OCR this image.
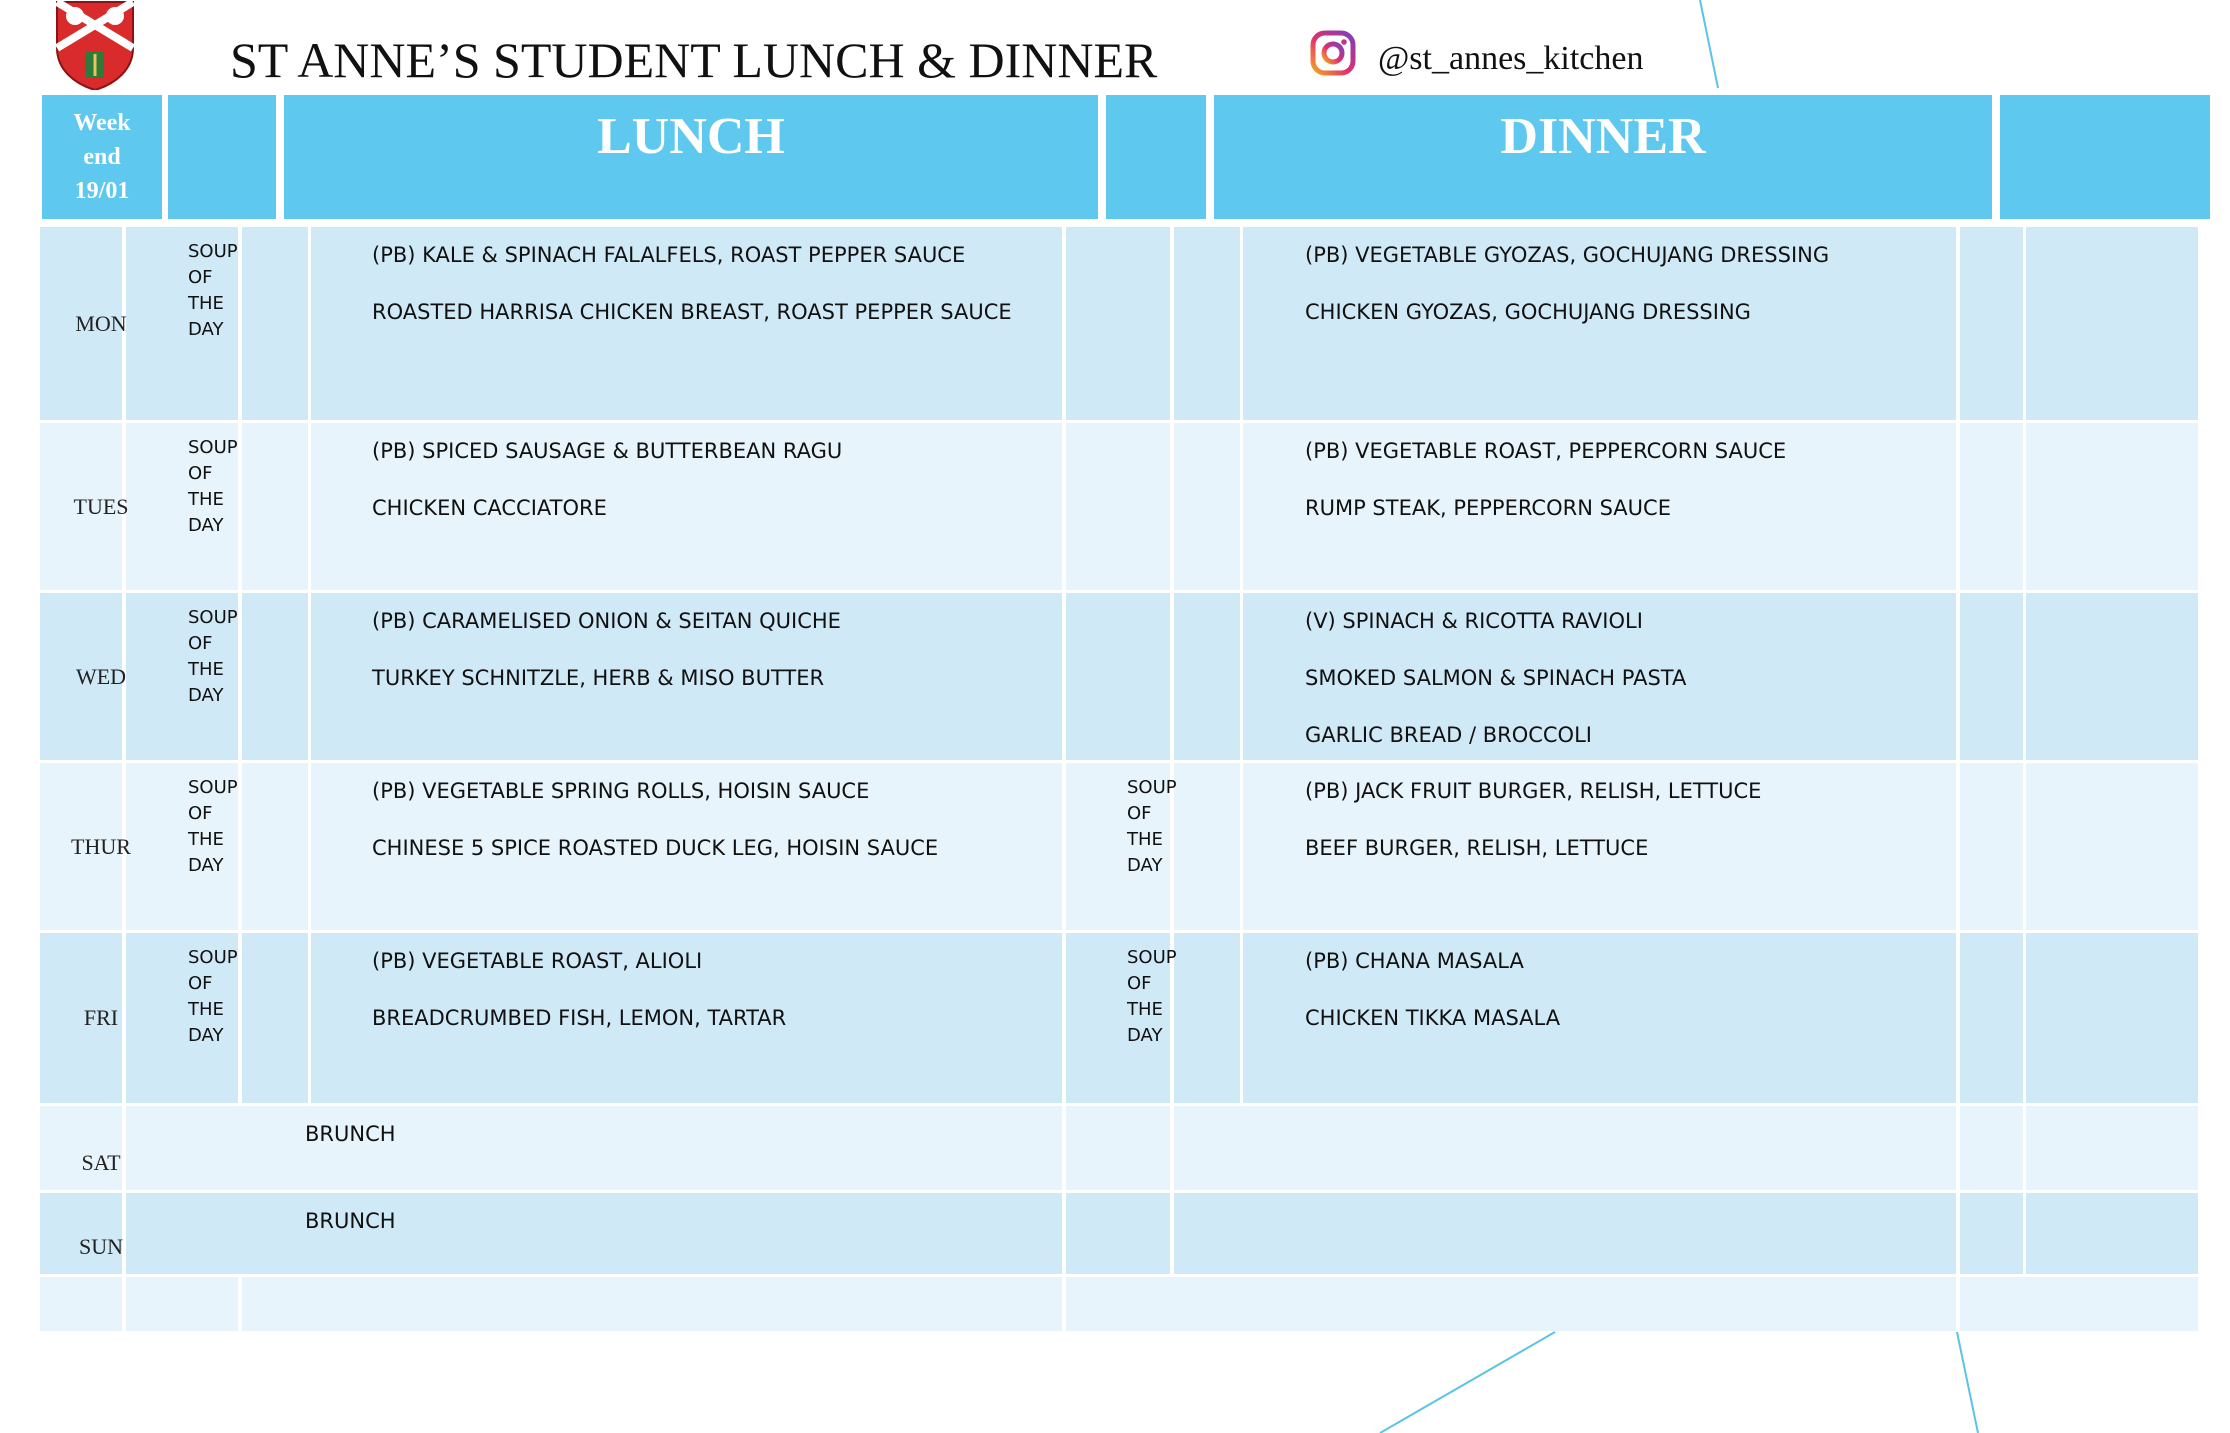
ST ANNE’S STUDENT LUNCH & DINNER	@st_annes_kitchen
Week
end
19/01
LUNCH	DINNER
MON
SOUP
OF
THE
DAY
(PB) KALE & SPINACH FALALFELS, ROAST PEPPER SAUCE
ROASTED HARRISA CHICKEN BREAST, ROAST PEPPER SAUCE
(PB) VEGETABLE GYOZAS, GOCHUJANG DRESSING
CHICKEN GYOZAS, GOCHUJANG DRESSING
TUES
SOUP
OF
THE
DAY
(PB) SPICED SAUSAGE & BUTTERBEAN RAGU
CHICKEN CACCIATORE
(PB) VEGETABLE ROAST, PEPPERCORN SAUCE
RUMP STEAK, PEPPERCORN SAUCE
WED
SOUP
OF
THE
DAY
(PB) CARAMELISED ONION & SEITAN QUICHE
TURKEY SCHNITZLE, HERB & MISO BUTTER
(V) SPINACH & RICOTTA RAVIOLI
SMOKED SALMON & SPINACH PASTA
GARLIC BREAD / BROCCOLI
THUR
SOUP
OF
THE
DAY
SOUP
OF
THE
DAY
(PB) VEGETABLE SPRING ROLLS, HOISIN SAUCE
CHINESE 5 SPICE ROASTED DUCK LEG, HOISIN SAUCE
(PB) JACK FRUIT BURGER, RELISH, LETTUCE
BEEF BURGER, RELISH, LETTUCE
FRI
SOUP
OF
THE
DAY
SOUP
OF
THE
DAY
(PB) VEGETABLE ROAST, ALIOLI
BREADCRUMBED FISH, LEMON, TARTAR
(PB) CHANA MASALA
CHICKEN TIKKA MASALA
SAT
BRUNCH
SUN
BRUNCH
